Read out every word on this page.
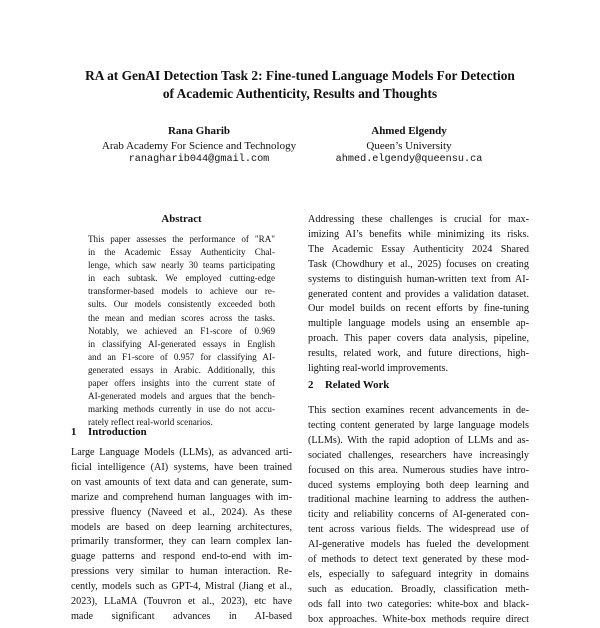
RA at GenAI Detection Task 2: Fine-tuned Language Models For Detection
of Academic Authenticity, Results and Thoughts
Rana Gharib
Arab Academy For Science and Technology
ranagharib044@gmail.com
Ahmed Elgendy
Queen’s University
ahmed.elgendy@queensu.ca
Abstract
This paper assesses the performance of "RA"
in the Academic Essay Authenticity Chal-
lenge, which saw nearly 30 teams participating
in each subtask. We employed cutting-edge
transformer-based models to achieve our re-
sults. Our models consistently exceeded both
the mean and median scores across the tasks.
Notably, we achieved an F1-score of 0.969
in classifying AI-generated essays in English
and an F1-score of 0.957 for classifying AI-
generated essays in Arabic. Additionally, this
paper offers insights into the current state of
AI-generated models and argues that the bench-
marking methods currently in use do not accu-
rately reflect real-world scenarios.
1 Introduction
Large Language Models (LLMs), as advanced arti-
ficial intelligence (AI) systems, have been trained
on vast amounts of text data and can generate, sum-
marize and comprehend human languages with im-
pressive fluency (Naveed et al., 2024). As these
models are based on deep learning architectures,
primarily transformer, they can learn complex lan-
guage patterns and respond end-to-end with im-
pressions very similar to human interaction. Re-
cently, models such as GPT-4, Mistral (Jiang et al.,
2023), LLaMA (Touvron et al., 2023), etc have
made significant advances in AI-based
Addressing these challenges is crucial for max-
imizing AI’s benefits while minimizing its risks.
The Academic Essay Authenticity 2024 Shared
Task (Chowdhury et al., 2025) focuses on creating
systems to distinguish human-written text from AI-
generated content and provides a validation dataset.
Our model builds on recent efforts by fine-tuning
multiple language models using an ensemble ap-
proach. This paper covers data analysis, pipeline,
results, related work, and future directions, high-
lighting real-world improvements.
2 Related Work
This section examines recent advancements in de-
tecting content generated by large language models
(LLMs). With the rapid adoption of LLMs and as-
sociated challenges, researchers have increasingly
focused on this area. Numerous studies have intro-
duced systems employing both deep learning and
traditional machine learning to address the authen-
ticity and reliability concerns of AI-generated con-
tent across various fields. The widespread use of
AI-generative models has fueled the development
of methods to detect text generated by these mod-
els, especially to safeguard integrity in domains
such as education. Broadly, classification meth-
ods fall into two categories: white-box and black-
box approaches. White-box methods require direct
